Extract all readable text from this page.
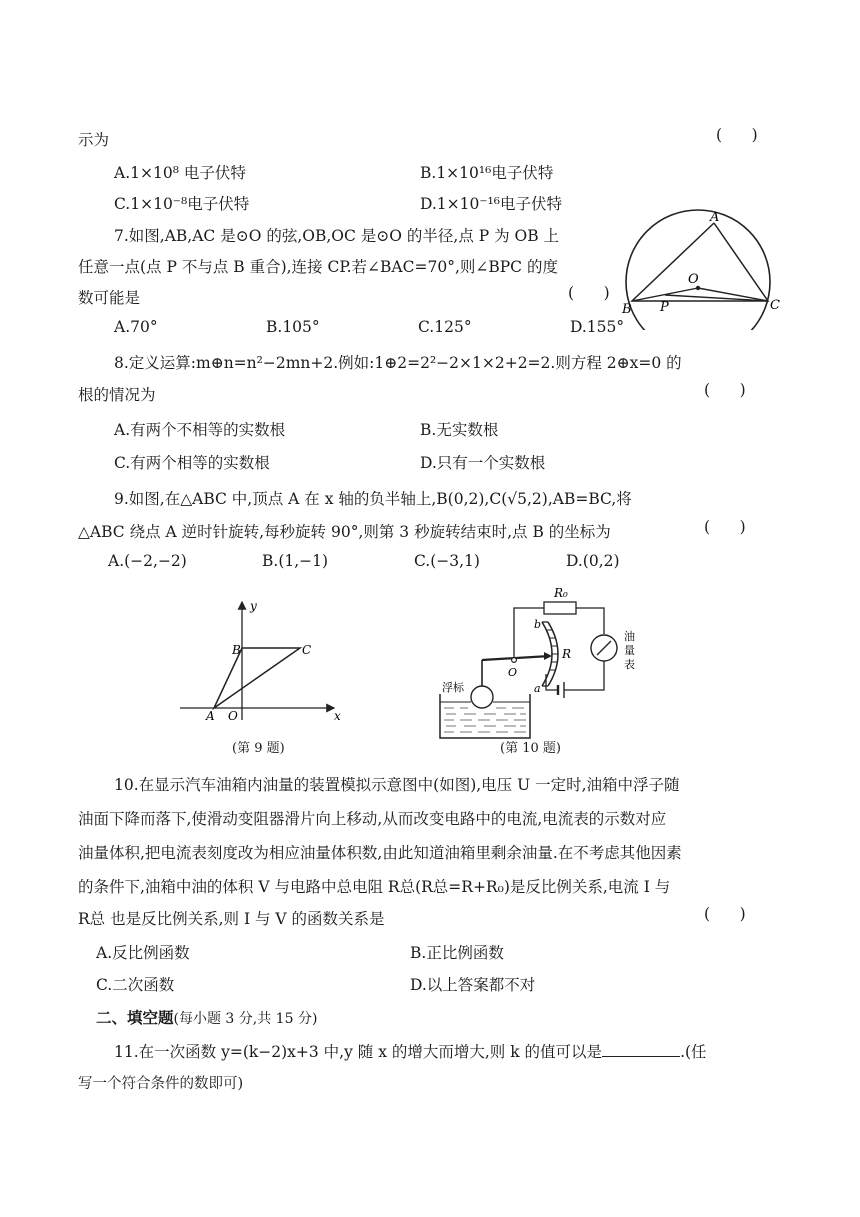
示为	(      )
A.1×10⁸ 电子伏特	B.1×10¹⁶电子伏特
C.1×10⁻⁸电子伏特	D.1×10⁻¹⁶电子伏特
7.如图,AB,AC 是⊙O 的弦,OB,OC 是⊙O 的半径,点 P 为 OB 上
任意一点(点 P 不与点 B 重合),连接 CP.若∠BAC=70°,则∠BPC 的度
数可能是	(      )
A.70°	B.105°	C.125°	D.155°
A
O
B P	C
8.定义运算:m⊕n=n²−2mn+2.例如:1⊕2=2²−2×1×2+2=2.则方程 2⊕x=0 的
根的情况为	(      )
A.有两个不相等的实数根	B.无实数根
C.有两个相等的实数根	D.只有一个实数根
9.如图,在△ABC 中,顶点 A 在 x 轴的负半轴上,B(0,2),C(√5,2),AB=BC,将
△ABC 绕点 A 逆时针旋转,每秒旋转 90°,则第 3 秒旋转结束时,点 B 的坐标为	(      )
A.(−2,−2)	B.(1,−1)	C.(−3,1)	D.(0,2)
y
x
B	C
A O
(第 9 题)
R₀
油 量 表
b
a
R
O
浮标
(第 10 题)
10.在显示汽车油箱内油量的装置模拟示意图中(如图),电压 U 一定时,油箱中浮子随
油面下降而落下,使滑动变阻器滑片向上移动,从而改变电路中的电流,电流表的示数对应
油量体积,把电流表刻度改为相应油量体积数,由此知道油箱里剩余油量.在不考虑其他因素
的条件下,油箱中油的体积 V 与电路中总电阻 R总(R总=R+R₀)是反比例关系,电流 I 与
R总 也是反比例关系,则 I 与 V 的函数关系是	(      )
A.反比例函数	B.正比例函数
C.二次函数	D.以上答案都不对
二、填空题(每小题 3 分,共 15 分)
11.在一次函数 y=(k−2)x+3 中,y 随 x 的增大而增大,则 k 的值可以是	.(任
写一个符合条件的数即可)
